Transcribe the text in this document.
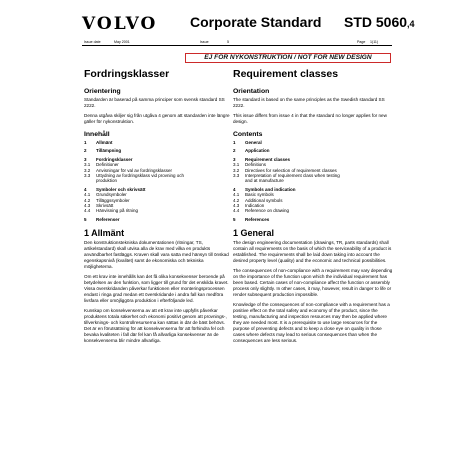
VOLVO Corporate Standard STD 5060,4
Issue date	May 2001	Issue	5	Page 1(11)
EJ FÖR NYKONSTRUKTION / NOT FOR NEW DESIGN
Fordringsklasser
Orientering
Standarden är baserad på samma principer som svensk standard SS 2222.
Denna utgåva skiljer sig från utgåva 4 genom att standarden inte längre gäller för nykonstruktion.
Innehåll
1 Allmänt
2 Tillämpning
3 Fordringsklasser
3.1 Definitioner
3.2 Anvisningar för val av fordringsklasser
3.3 Uttydning av fordringsklass vid provning och
produktion
4 Symboler och skrivsätt
4.1 Grundsymboler
4.2 Tilläggssymboler
4.3 Skrivsätt
4.4 Hänvisning på ritning
5 Referenser
1 Allmänt
Den konstruktionstekniska dokumentationen (ritningar, TS, artikelstandard) skall utvisa alla de krav med vilka en produkts användbarhet fastläggs. Kraven skall vara satta med hänsyn till önskad egenskapsnivå (kvalitet) samt de ekonomiska och tekniska möjligheterna.
Om ett krav inte innehålls kan det få olika konsekvenser beroende på betydelsen av den funktion, som ligger till grund för det enskilda kravet. Vissa överskridanden påverkar funktionen eller monteringsprocessen endast i ringa grad medan ett överskridande i andra fall kan medföra livsfara eller omöjliggöra produktion i efterföljande led.
Kunskap om konsekvenserna av att ett krav inte uppfylls påverkar produktens totala säkerhet och ekonomi positivt genom att provnings-, tillverknings- och kontrollresurserna kan sättas in där de bäst behövs. Det är en förutsättning för att konsekvenserna för att förhindra fel och bevaka kvaliteten i fall där fel kan få allvarliga konsekvenser än de konsekvenserna blir mindre allvarliga.
Requirement classes
Orientation
The standard is based on the same principles as the Swedish standard SS 2222.
This issue differs from issue 4 in that the standard no longer applies for new design.
Contents
1 General
2 Application
3 Requirement classes
3.1 Definitions
3.2 Directives for selection of requirement classes
3.3 Interpretation of requirement class when testing
and at manufacture
4 Symbols and indication
4.1 Basic symbols
4.2 Additional symbols
4.3 Indication
4.4 Reference on drawing
5 References
1 General
The design engineering documentation (drawings, TR, parts standards) shall contain all requirements on the basis of which the serviceability of a product is established. The requirements shall be laid down taking into account the desired property level (quality) and the economic and technical possibilities.
The consequences of non-compliance with a requirement may vary depending on the importance of the function upon which the individual requirement has been based. Certain cases of non-compliance affect the function or assembly process only slightly. In other cases, it may, however, result in danger to life or render subsequent production impossible.
Knowledge of the consequences of non-compliance with a requirement has a positive effect on the total safety and economy of the product, since the testing, manufacturing and inspection resources may then be applied where they are needed most. It is a prerequisite to use large resources for the purpose of preventing defects and to keep a close eye on quality in those cases where defects may lead to serious consequences than when the consequences are less serious.
